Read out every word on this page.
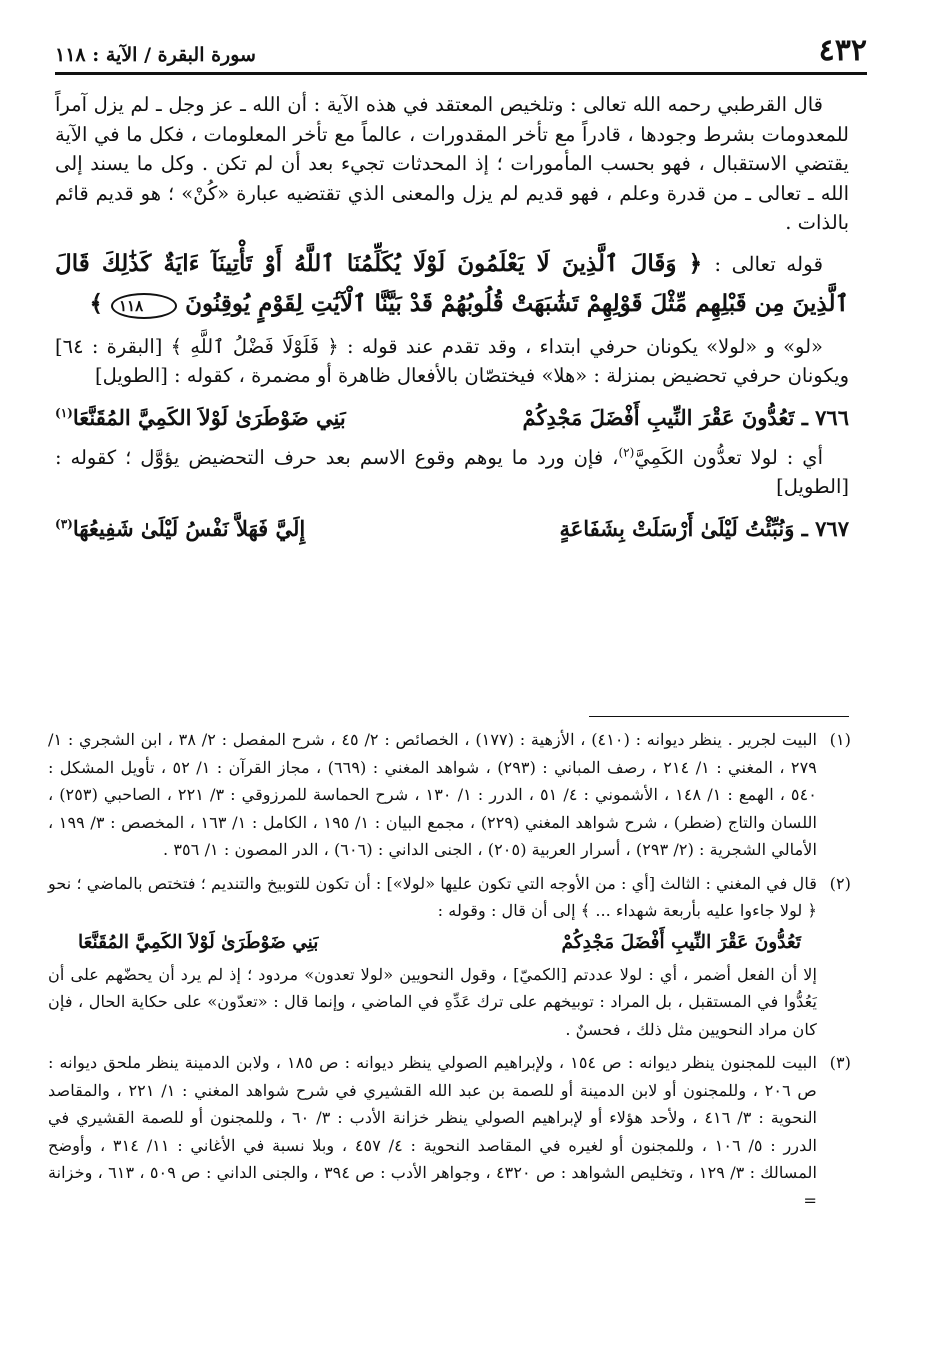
٤٣٢
سورة البقرة / الآية : ١١٨

قال القرطبي رحمه الله تعالى : وتلخيص المعتقد في هذه الآية : أن الله ـ عز وجل ـ لم يزل آمراً للمعدومات بشرط وجودها ، قادراً مع تأخر المقدورات ، عالماً مع تأخر المعلومات ، فكل ما في الآية يقتضي الاستقبال ، فهو بحسب المأمورات ؛ إذ المحدثات تجيء بعد أن لم تكن . وكل ما يسند إلى الله ـ تعالى ـ من قدرة وعلم ، فهو قديم لم يزل والمعنى الذي تقتضيه عبارة «كُنْ» ؛ هو قديم قائم بالذات .

قوله تعالى : ﴿ وَقَالَ ٱلَّذِينَ لَا يَعْلَمُونَ لَوْلَا يُكَلِّمُنَا ٱللَّهُ أَوْ تَأْتِينَآ ءَايَةٌ كَذَٰلِكَ قَالَ ٱلَّذِينَ مِن قَبْلِهِم مِّثْلَ قَوْلِهِمْ تَشَٰبَهَتْ قُلُوبُهُمْ قَدْ بَيَّنَّا ٱلْآيَٰتِ لِقَوْمٍ يُوقِنُونَ ١١٨ ﴾

«لو» و «لولا» يكونان حرفي ابتداء ، وقد تقدم عند قوله : ﴿ فَلَوْلَا فَضْلُ ٱللَّهِ ﴾ [البقرة : ٦٤] ويكونان حرفي تحضيض بمنزلة : «هلا» فيختصّان بالأفعال ظاهرة أو مضمرة ، كقوله : [الطويل]

٧٦٦ ـ تَعُدُّونَ عَقْرَ النِّيبِ أَفْضَلَ مَجْدِكُمْ
بَنِي ضَوْطَرَىٰ لَوْلاَ الكَمِيَّ المُقَنَّعَا$^{(١)}$

أي : لولا تعدُّون الكَمِيَّ$^{(٢)}$، فإن ورد ما يوهم وقوع الاسم بعد حرف التحضيض يؤوَّل ؛ كقوله : [الطويل]

٧٦٧ ـ وَنُبِّئْتُ لَيْلَىٰ أَرْسَلَتْ بِشَفَاعَةٍ
إِلَيَّ فَهَلاَّ نَفْسُ لَيْلَىٰ شَفِيعُهَا$^{(٣)}$
(١)

البيت لجرير . ينظر ديوانه : (٤١٠) ، الأزهية : (١٧٧) ، الخصائص : ٢/ ٤٥ ، شرح المفصل : ٢/ ٣٨ ، ابن الشجري : ١/ ٢٧٩ ، المغني : ١/ ٢١٤ ، رصف المباني : (٢٩٣) ، شواهد المغني : (٦٦٩) ، مجاز القرآن : ١/ ٥٢ ، تأويل المشكل : ٥٤٠ ، الهمع : ١/ ١٤٨ ، الأشموني : ٤/ ٥١ ، الدرر : ١/ ١٣٠ ، شرح الحماسة للمرزوقي : ٣/ ٢٢١ ، الصاحبي (٢٥٣) ، اللسان والتاج (ضطر) ، شرح شواهد المغني (٢٢٩) ، مجمع البيان : ١/ ١٩٥ ، الكامل : ١/ ١٦٣ ، المخصص : ٣/ ١٩٩ ، الأمالي الشجرية : (٢/ ٢٩٣) ، أسرار العربية (٢٠٥) ، الجنى الداني : (٦٠٦) ، الدر المصون : ١/ ٣٥٦ .

(٢)

قال في المغني : الثالث [أي : من الأوجه التي تكون عليها «لولا»] : أن تكون للتوبيخ والتنديم ؛ فتختص بالماضي ؛ نحو ﴿ لولا جاءوا عليه بأربعة شهداء ... ﴾ إلى أن قال : وقوله :

تَعُدُّونَ عَقْرَ النِّيبِ أَفْضَلَ مَجْدِكُمْ
بَنِي ضَوْطَرَىٰ لَوْلاَ الكَمِيَّ المُقَنَّعَا

إلا أن الفعل أضمر ، أي : لولا عددتم [الكميّ] ، وقول النحويين «لولا تعدون» مردود ؛ إذ لم يرد أن يحضّهم على أن يَعُدُّوا في المستقبل ، بل المراد : توبيخهم على ترك عَدِّهِ في الماضي ، وإنما قال : «تعدّون» على حكاية الحال ، فإن كان مراد النحويين مثل ذلك ، فحسنٌ .

(٣)

البيت للمجنون ينظر ديوانه : ص ١٥٤ ، ولإبراهيم الصولي ينظر ديوانه : ص ١٨٥ ، ولابن الدمينة ينظر ملحق ديوانه : ص ٢٠٦ ، وللمجنون أو لابن الدمينة أو للصمة بن عبد الله القشيري في شرح شواهد المغني : ١/ ٢٢١ ، والمقاصد النحوية : ٣/ ٤١٦ ، ولأحد هؤلاء أو لإبراهيم الصولي ينظر خزانة الأدب : ٣/ ٦٠ ، وللمجنون أو للصمة القشيري في الدرر : ٥/ ١٠٦ ، وللمجنون أو لغيره في المقاصد النحوية : ٤/ ٤٥٧ ، وبلا نسبة في الأغاني : ١١/ ٣١٤ ، وأوضح المسالك : ٣/ ١٢٩ ، وتخليص الشواهد : ص ٤٣٢٠ ، وجواهر الأدب : ص ٣٩٤ ، والجنى الداني : ص ٥٠٩ ، ٦١٣ ، وخزانة =
